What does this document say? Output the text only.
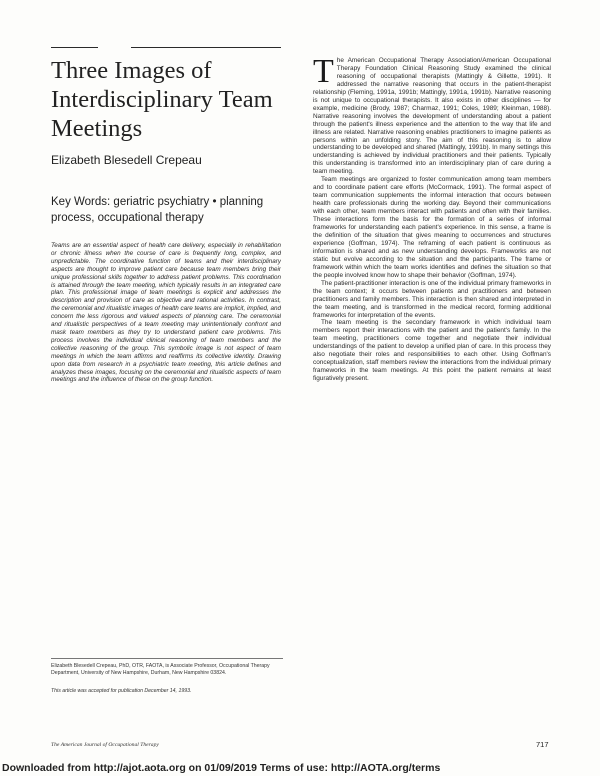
Three Images of Interdisciplinary Team Meetings
Elizabeth Blesedell Crepeau
Key Words: geriatric psychiatry • planning process, occupational therapy
Teams are an essential aspect of health care delivery, especially in rehabilitation or chronic illness when the course of care is frequently long, complex, and unpredictable. The coordinative function of teams and their interdisciplinary aspects are thought to improve patient care because team members bring their unique professional skills together to address patient problems. This coordination is attained through the team meeting, which typically results in an integrated care plan. This professional image of team meetings is explicit and addresses the description and provision of care as objective and rational activities. In contrast, the ceremonial and ritualistic images of health care teams are implicit, implied, and concern the less rigorous and valued aspects of planning care. The ceremonial and ritualistic perspectives of a team meeting may unintentionally confront and mask team members as they try to understand patient care problems. This process involves the individual clinical reasoning of team members and the collective reasoning of the group. This symbolic image is not aspect of team meetings in which the team affirms and reaffirms its collective identity. Drawing upon data from research in a psychiatric team meeting, this article defines and analyzes these images, focusing on the ceremonial and ritualistic aspects of team meetings and the influence of these on the group function.
Elizabeth Blesedell Crepeau, PhD, OTR, FAOTA, is Associate Professor, Occupational Therapy Department, University of New Hampshire, Durham, New Hampshire 03824.
This article was accepted for publication December 14, 1993.

The American Occupational Therapy Association/American Occupational Therapy Foundation Clinical Reasoning Study examined the clinical reasoning of occupational therapists (Mattingly & Gillette, 1991). It addressed the narrative reasoning that occurs in the patient-therapist relationship (Fleming, 1991a, 1991b; Mattingly, 1991a, 1991b). Narrative reasoning is not unique to occupational therapists. It also exists in other disciplines — for example, medicine (Brody, 1987; Charmaz, 1991; Coles, 1989; Kleinman, 1988). Narrative reasoning involves the development of understanding about a patient through the patient's illness experience and the attention to the way that life and illness are related. Narrative reasoning enables practitioners to imagine patients as persons within an unfolding story. The aim of this reasoning is to allow understanding to be developed and shared (Mattingly, 1991b). In many settings this understanding is achieved by individual practitioners and their patients. Typically this understanding is transformed into an interdisciplinary plan of care during a team meeting.

Team meetings are organized to foster communication among team members and to coordinate patient care efforts (McCormack, 1991). The formal aspect of team communication supplements the informal interaction that occurs between health care professionals during the working day. Beyond their communications with each other, team members interact with patients and often with their families. These interactions form the basis for the formation of a series of informal frameworks for understanding each patient's experience. In this sense, a frame is the definition of the situation that gives meaning to occurrences and structures experience (Goffman, 1974). The reframing of each patient is continuous as information is shared and as new understanding develops. Frameworks are not static but evolve according to the situation and the participants. The frame or framework within which the team works identifies and defines the situation so that the people involved know how to shape their behavior (Goffman, 1974).

The patient-practitioner interaction is one of the individual primary frameworks in the team context; it occurs between patients and practitioners and between practitioners and family members. This interaction is then shared and interpreted in the team meeting, and is transformed in the medical record, forming additional frameworks for interpretation of the events.

The team meeting is the secondary framework in which individual team members report their interactions with the patient and the patient's family. In the team meeting, practitioners come together and negotiate their individual understandings of the patient to develop a unified plan of care. In this process they also negotiate their roles and responsibilities to each other. Using Goffman's conceptualization, staff members review the interactions from the individual primary frameworks in the team meetings. At this point the patient remains at least figuratively present.

The American Journal of Occupational Therapy	717
Downloaded from http://ajot.aota.org on 01/09/2019 Terms of use: http://AOTA.org/terms
